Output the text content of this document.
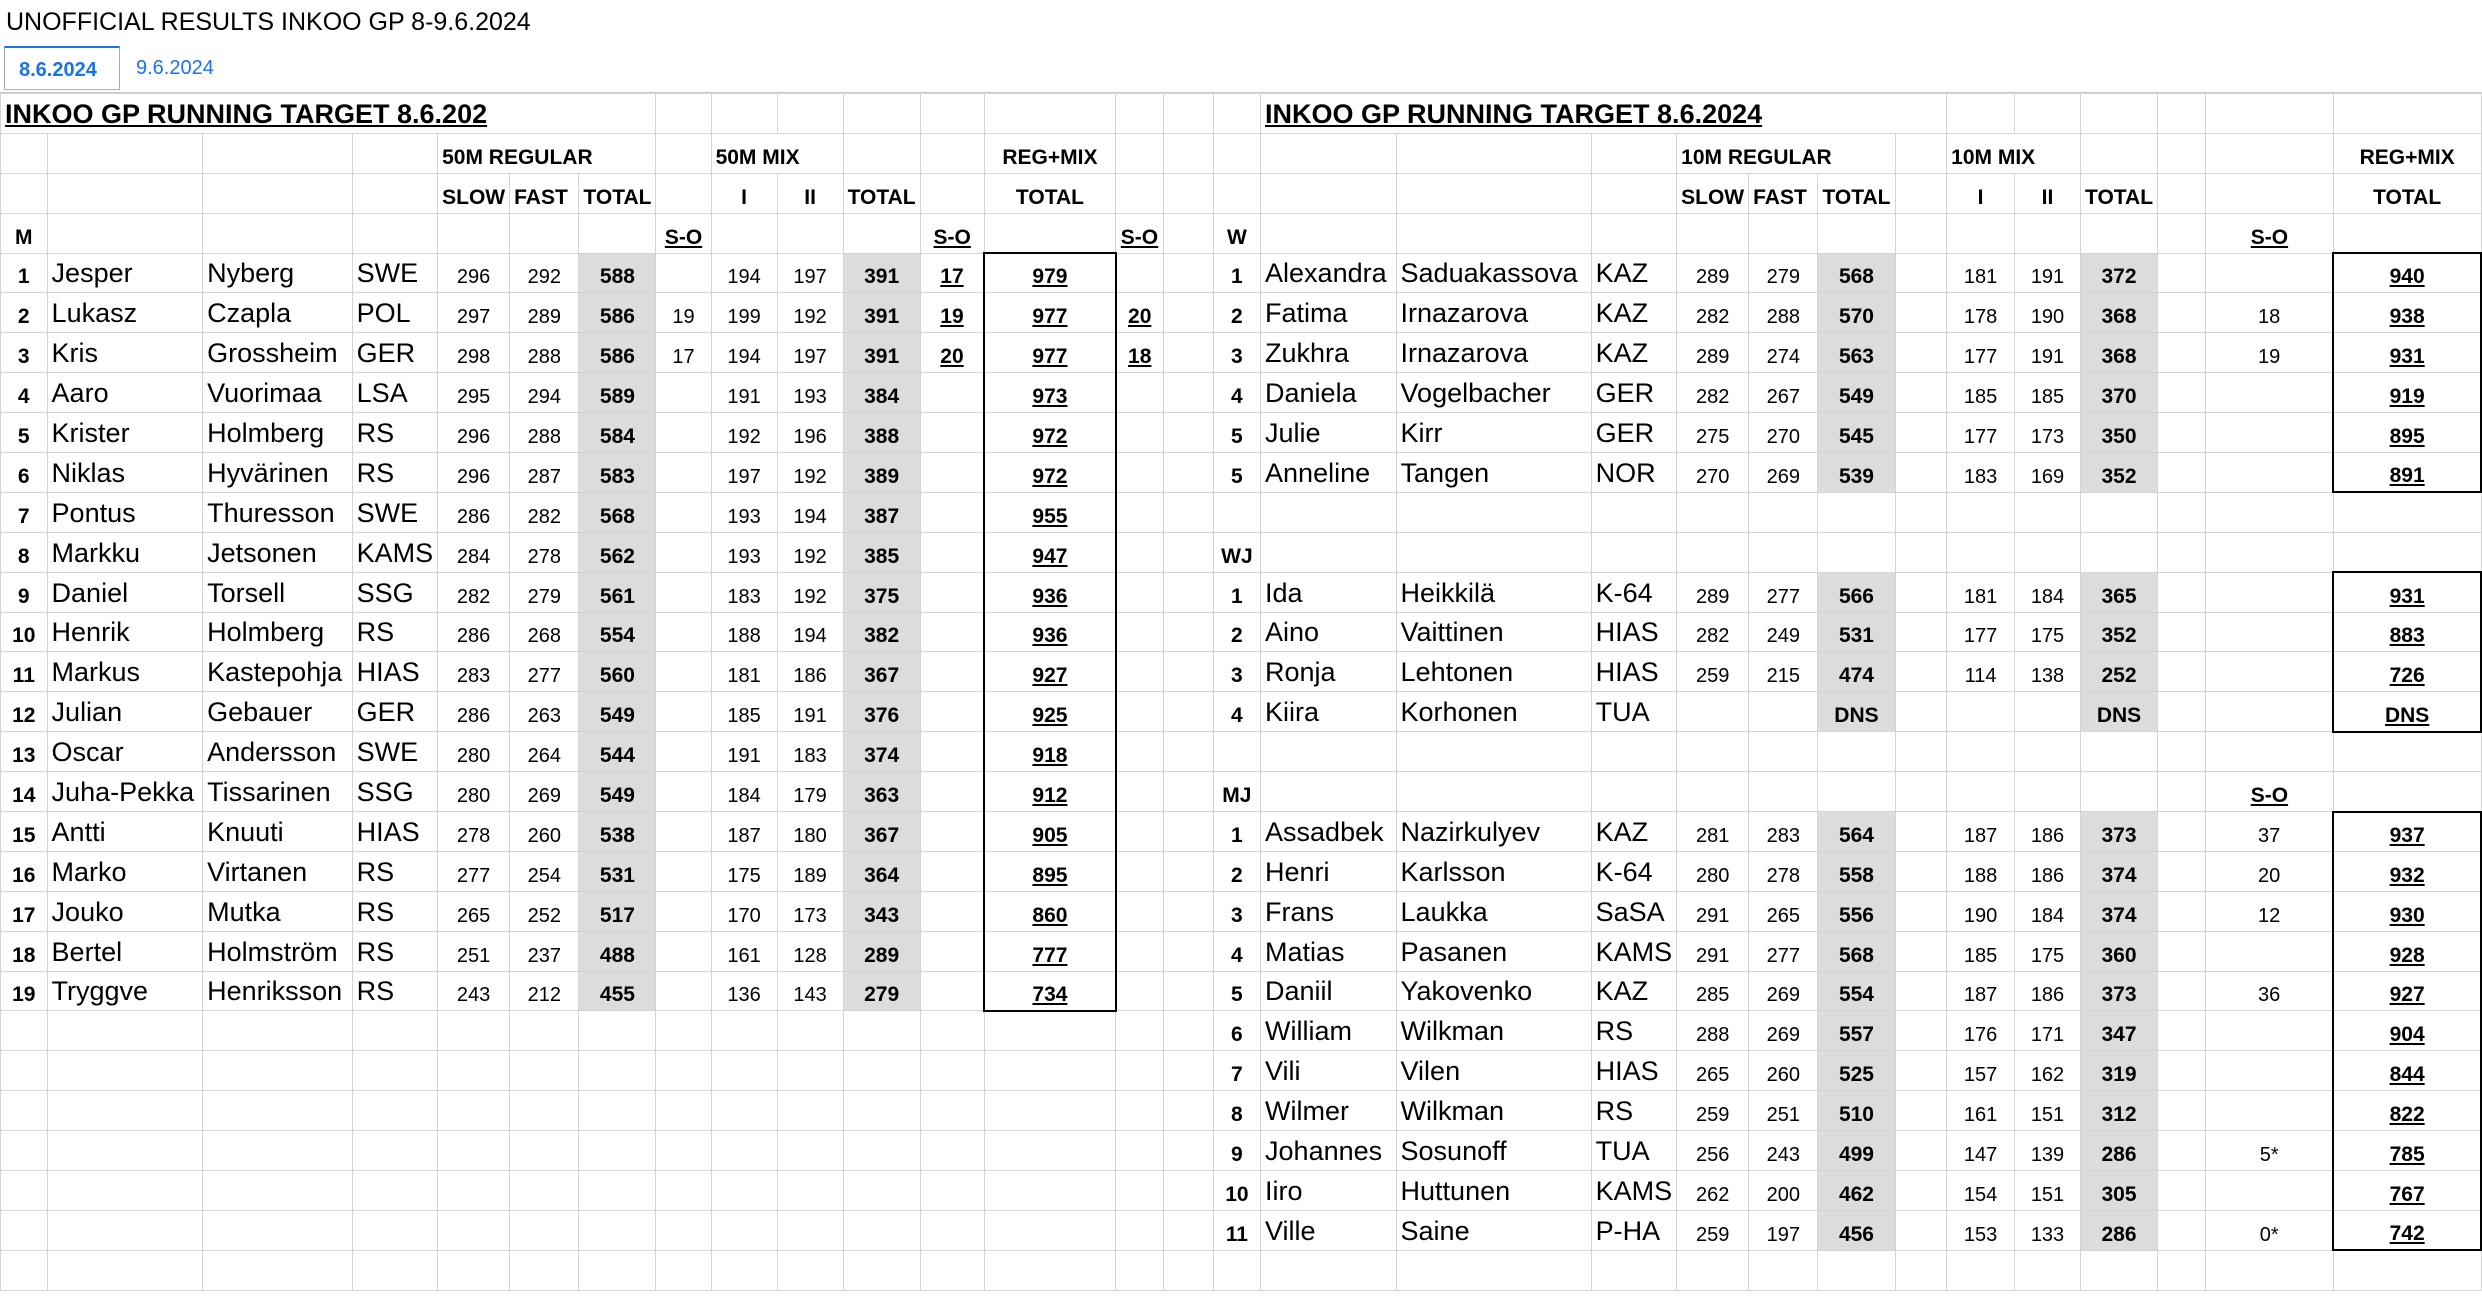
UNOFFICIAL RESULTS INKOO GP 8-9.6.2024
8.6.2024	9.6.2024
INKOO GP RUNNING TARGET 8.6.202																INKOO GP RUNNING TARGET 8.6.2024												
				50M REGULAR				50M MIX				REG+MIX							10M REGULAR				10M MIX					REG+MIX
				SLOW	FAST	TOTAL		I	II	TOTAL		TOTAL							SLOW	FAST	TOTAL		I	II	TOTAL			TOTAL
M							S-O				S-O		S-O		W												S-O	
1	Jesper	Nyberg	SWE	296	292	588		194	197	391	17	979			1	Alexandra	Saduakassova	KAZ	289	279	568		181	191	372			940
2	Lukasz	Czapla	POL	297	289	586	19	199	192	391	19	977	20		2	Fatima	Irnazarova	KAZ	282	288	570		178	190	368		18	938
3	Kris	Grossheim	GER	298	288	586	17	194	197	391	20	977	18		3	Zukhra	Irnazarova	KAZ	289	274	563		177	191	368		19	931
4	Aaro	Vuorimaa	LSA	295	294	589		191	193	384		973			4	Daniela	Vogelbacher	GER	282	267	549		185	185	370			919
5	Krister	Holmberg	RS	296	288	584		192	196	388		972			5	Julie	Kirr	GER	275	270	545		177	173	350			895
6	Niklas	Hyvärinen	RS	296	287	583		197	192	389		972			5	Anneline	Tangen	NOR	270	269	539		183	169	352			891
7	Pontus	Thuresson	SWE	286	282	568		193	194	387		955																
8	Markku	Jetsonen	KAMS	284	278	562		193	192	385		947			WJ													
9	Daniel	Torsell	SSG	282	279	561		183	192	375		936			1	Ida	Heikkilä	K-64	289	277	566		181	184	365			931
10	Henrik	Holmberg	RS	286	268	554		188	194	382		936			2	Aino	Vaittinen	HIAS	282	249	531		177	175	352			883
11	Markus	Kastepohja	HIAS	283	277	560		181	186	367		927			3	Ronja	Lehtonen	HIAS	259	215	474		114	138	252			726
12	Julian	Gebauer	GER	286	263	549		185	191	376		925			4	Kiira	Korhonen	TUA			DNS				DNS			DNS
13	Oscar	Andersson	SWE	280	264	544		191	183	374		918																
14	Juha-Pekka	Tissarinen	SSG	280	269	549		184	179	363		912			MJ												S-O	
15	Antti	Knuuti	HIAS	278	260	538		187	180	367		905			1	Assadbek	Nazirkulyev	KAZ	281	283	564		187	186	373		37	937
16	Marko	Virtanen	RS	277	254	531		175	189	364		895			2	Henri	Karlsson	K-64	280	278	558		188	186	374		20	932
17	Jouko	Mutka	RS	265	252	517		170	173	343		860			3	Frans	Laukka	SaSA	291	265	556		190	184	374		12	930
18	Bertel	Holmström	RS	251	237	488		161	128	289		777			4	Matias	Pasanen	KAMS	291	277	568		185	175	360			928
19	Tryggve	Henriksson	RS	243	212	455		136	143	279		734			5	Daniil	Yakovenko	KAZ	285	269	554		187	186	373		36	927
															6	William	Wilkman	RS	288	269	557		176	171	347			904
															7	Vili	Vilen	HIAS	265	260	525		157	162	319			844
															8	Wilmer	Wilkman	RS	259	251	510		161	151	312			822
															9	Johannes	Sosunoff	TUA	256	243	499		147	139	286		5*	785
															10	Iiro	Huttunen	KAMS	262	200	462		154	151	305			767
															11	Ville	Saine	P-HA	259	197	456		153	133	286		0*	742
